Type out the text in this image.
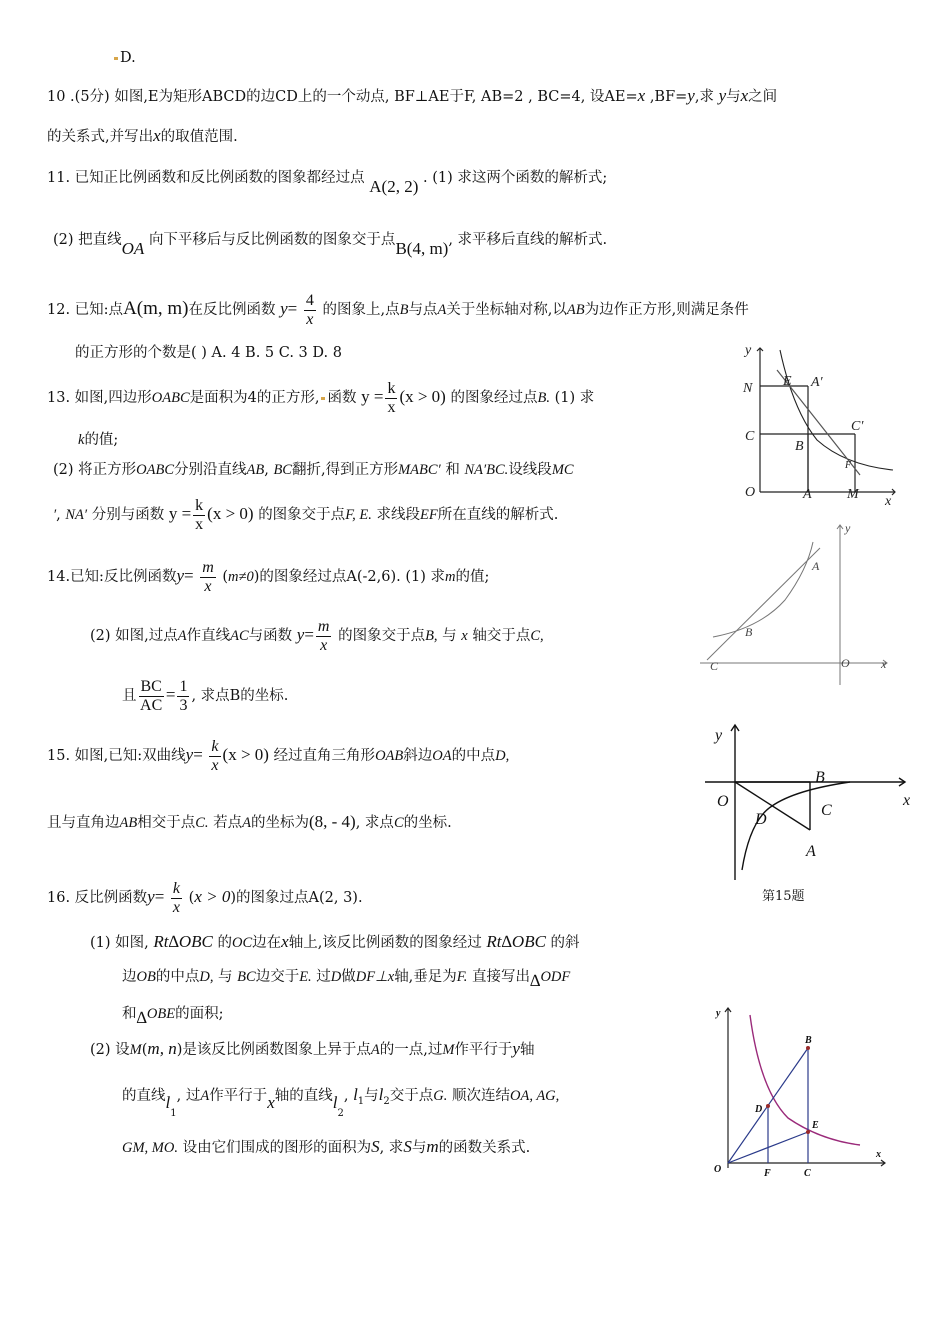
D.
10 .(5分) 如图,E为矩形ABCD的边CD上的一个动点, BF⊥AE于F, AB=2 , BC=4, 设AE=x ,BF=y,求 y与x之间
的关系式,并写出x的取值范围.
11. 已知正比例函数和反比例函数的图象都经过点 A(2, 2) . (1) 求这两个函数的解析式;
(2) 把直线OA 向下平移后与反比例函数的图象交于点B(4, m), 求平移后直线的解析式.
12. 已知:点A(m, m)在反比例函数 $y= \frac{4}{x}$ 的图象上,点B与点A关于坐标轴对称,以AB为边作正方形,则满足条件
的正方形的个数是( ) A. 4 B. 5 C. 3 D. 8
13. 如图,四边形OABC是面积为4的正方形, 函数 $y = \frac{k}{x} (x > 0)$ 的图象经过点B. (1) 求
k的值;
(2) 将正方形OABC分别沿直线AB, BC翻折,得到正方形MABC′ 和 NA′BC.设线段MC
′, NA′ 分别与函数 $y = \frac{k}{x} (x > 0)$ 的图象交于点F, E. 求线段EF所在直线的解析式.
14.已知:反比例函数$y= \frac{m}{x} (m\ne 0)$的图象经过点A(-2,6). (1) 求m的值;
(2) 如图,过点A作直线AC与函数 $y= \frac{m}{x}$ 的图象交于点B, 与 x 轴交于点C,
且 $\frac{BC}{AC} = \frac{1}{3}$ , 求点B的坐标.
15. 如图,已知:双曲线$y= \frac{k}{x} (x > 0)$ 经过直角三角形OAB斜边OA的中点D,
且与直角边AB相交于点C. 若点A的坐标为(8, - 4), 求点C的坐标.
16. 反比例函数$y= \frac{k}{x} (x > 0)$的图象过点A(2, 3).
(1) 如图, Rt∆OBC 的OC边在x轴上,该反比例函数的图象经过 Rt∆OBC 的斜
边OB的中点D, 与 BC边交于E. 过D做DF⊥x轴,垂足为F. 直接写出∆ODF
和∆OBE的面积;
(2) 设M(m, n)是该反比例函数图象上异于点A的一点,过M作平行于y轴
的直线$l_1$, 过A作平行于x轴的直线$l_2$, $l_1$与$l_2$交于点G. 顺次连结OA, AG,
GM, MO. 设由它们围成的图形的面积为S, 求S与m的函数关系式.
y
x
O	A	M
N
C
B
E A′
C′
F
y
x
O
A
B
C
y
x
O
B
C
D
A
第15题
y
x
O
B
D
E
F	C
